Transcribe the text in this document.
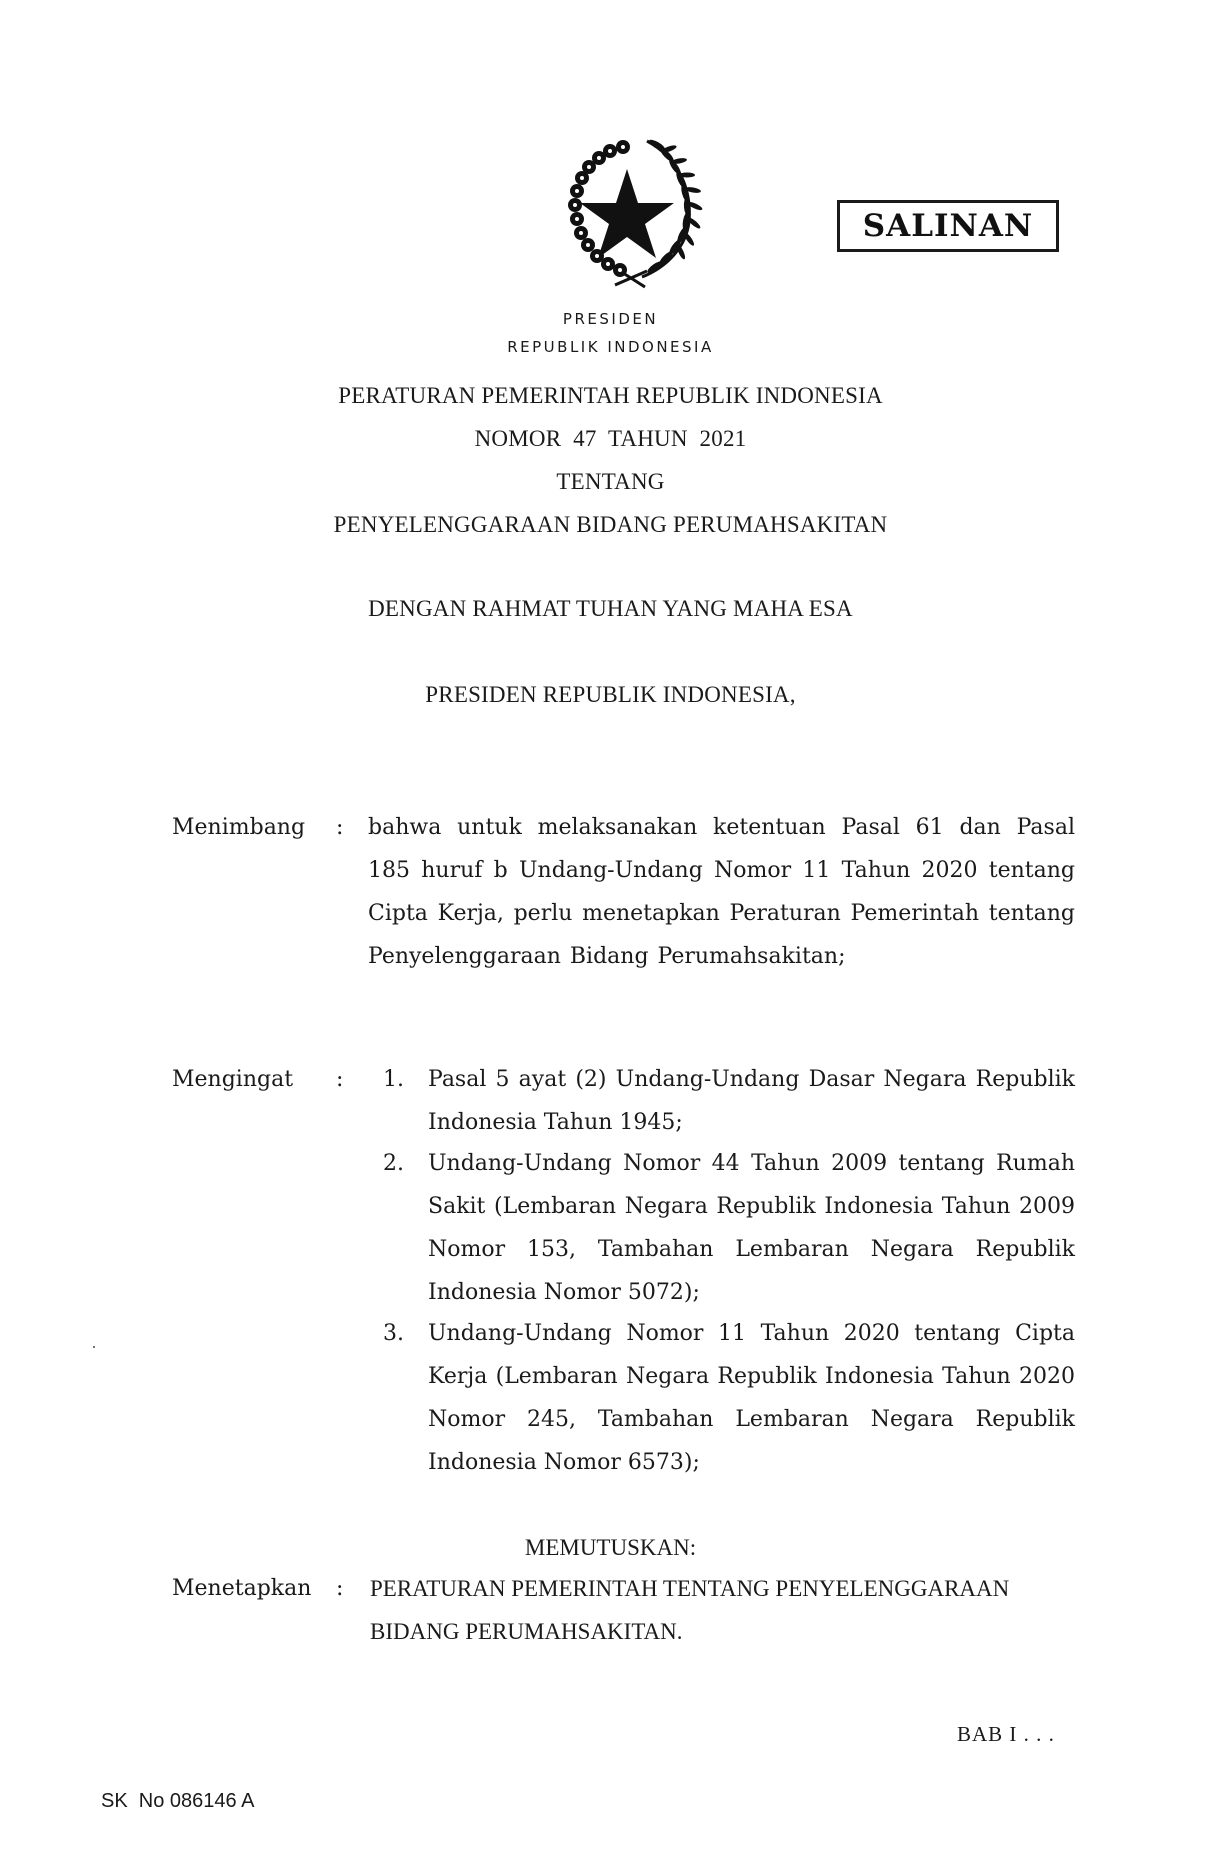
SALINAN
PRESIDEN
REPUBLIK INDONESIA
PERATURAN PEMERINTAH REPUBLIK INDONESIA
NOMOR  47  TAHUN  2021
TENTANG
PENYELENGGARAAN BIDANG PERUMAHSAKITAN
DENGAN RAHMAT TUHAN YANG MAHA ESA
PRESIDEN REPUBLIK INDONESIA,
Menimbang : bahwa untuk melaksanakan ketentuan Pasal 61 dan Pasal 185 huruf b Undang-Undang Nomor 11 Tahun 2020 tentang Cipta Kerja, perlu menetapkan Peraturan Pemerintah tentang Penyelenggaraan Bidang Perumahsakitan;
Mengingat :	1. Pasal 5 ayat (2) Undang-Undang Dasar Negara Republik Indonesia Tahun 1945;
2. Undang-Undang Nomor 44 Tahun 2009 tentang Rumah Sakit (Lembaran Negara Republik Indonesia Tahun 2009 Nomor 153, Tambahan Lembaran Negara Republik Indonesia Nomor 5072);
3. Undang-Undang Nomor 11 Tahun 2020 tentang Cipta Kerja (Lembaran Negara Republik Indonesia Tahun 2020 Nomor 245, Tambahan Lembaran Negara Republik Indonesia Nomor 6573);
MEMUTUSKAN:
Menetapkan : PERATURAN PEMERINTAH TENTANG PENYELENGGARAAN
BIDANG PERUMAHSAKITAN.
BAB I . . .
SK  No 086146 A
